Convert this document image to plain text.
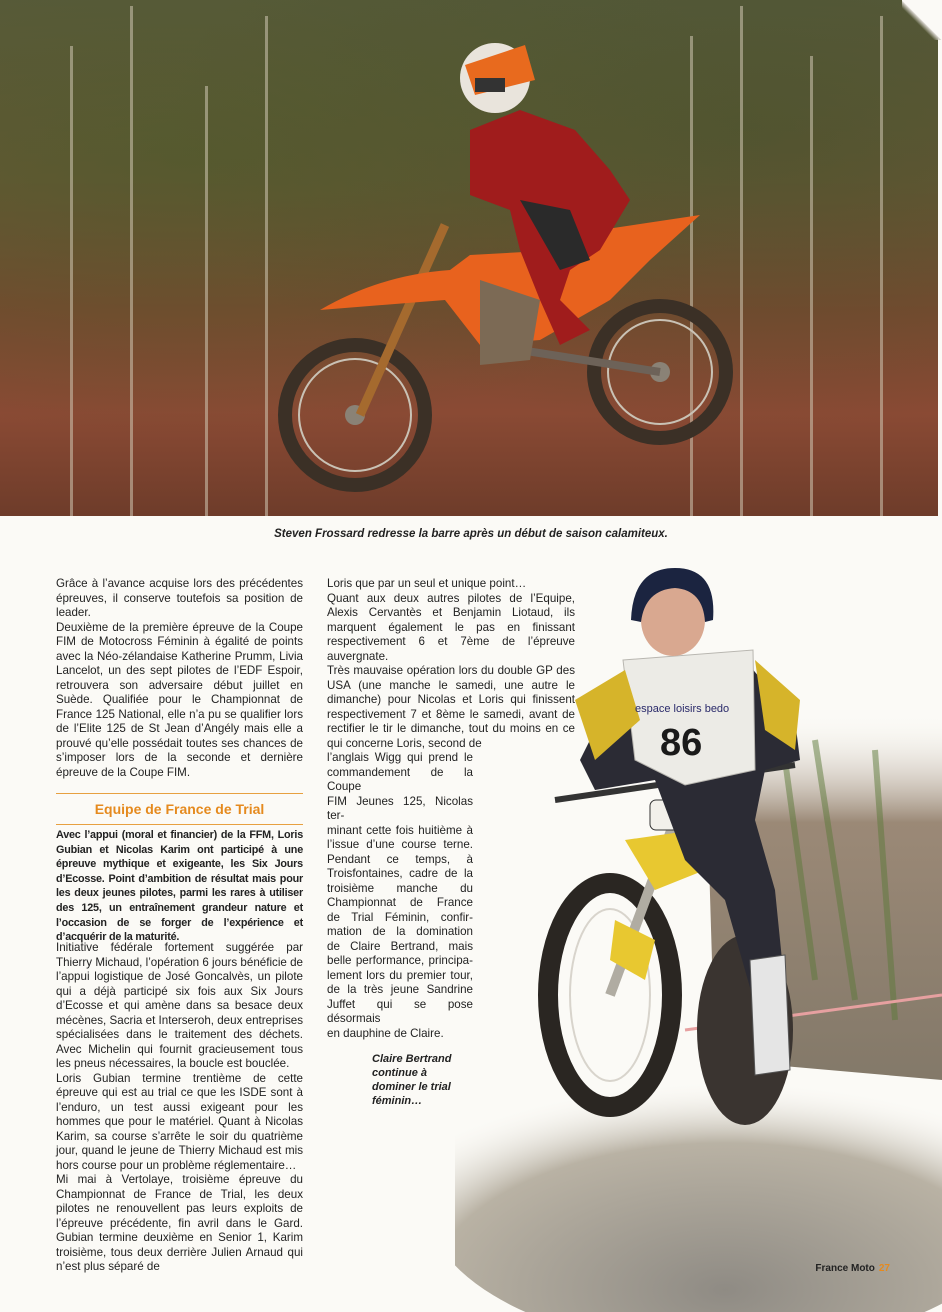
Steven Frossard redresse la barre après un début de saison calamiteux.

Grâce à l’avance acquise lors des précédentes épreuves, il conserve toutefois sa position de leader.

Deuxième de la première épreuve de la Coupe FIM de Motocross Féminin à égalité de points avec la Néo-zélandaise Katherine Prumm, Livia Lancelot, un des sept pilotes de l’EDF Espoir, retrouvera son adversaire début juillet en Suède. Qualifiée pour le Championnat de France 125 National, elle n’a pu se qualifier lors de l’Elite 125 de St Jean d’Angély mais elle a prouvé qu’elle possédait toutes ses chances de s’imposer lors de la seconde et dernière épreuve de la Coupe FIM.

Equipe de France de Trial
Avec l’appui (moral et financier) de la FFM, Loris Gubian et Nicolas Karim ont participé à une épreuve mythique et exigeante, les Six Jours d’Ecosse. Point d’ambition de résultat mais pour les deux jeunes pilotes, parmi les rares à utiliser des 125, un entraînement grandeur nature et l’occasion de se forger de l’expérience et d’acquérir de la maturité.

Initiative fédérale fortement suggérée par Thierry Michaud, l’opération 6 jours bénéficie de l’appui logistique de José Goncalvès, un pilote qui a déjà participé six fois aux Six Jours d’Ecosse et qui amène dans sa besace deux mécènes, Sacria et Interseroh, deux entreprises spécialisées dans le traitement des déchets. Avec Michelin qui fournit gracieusement tous les pneus nécessaires, la boucle est bouclée.

Loris Gubian termine trentième de cette épreuve qui est au trial ce que les ISDE sont à l’enduro, un test aussi exigeant pour les hommes que pour le matériel. Quant à Nicolas Karim, sa course s’arrête le soir du quatrième jour, quand le jeune de Thierry Michaud est mis hors course pour un problème réglementaire…

Mi mai à Vertolaye, troisième épreuve du Championnat de France de Trial, les deux pilotes ne renouvellent pas leurs exploits de l’épreuve précédente, fin avril dans le Gard. Gubian termine deuxième en Senior 1, Karim troisième, tous deux derrière Julien Arnaud qui n’est plus séparé de

Loris que par un seul et unique point…

Quant aux deux autres pilotes de l’Equipe, Alexis Cervantès et Benjamin Liotaud, ils marquent également le pas en finissant respectivement 6 et 7ème de l’épreuve auvergnate.

Très mauvaise opération lors du double GP des USA (une manche le samedi, une autre le dimanche) pour Nicolas et Loris qui finissent respectivement 7 et 8ème le samedi, avant de rectifier le tir le dimanche, tout du moins en ce qui concerne Loris, second de
l’anglais Wigg qui prend le
commandement de la Coupe
FIM Jeunes 125, Nicolas ter-
minant cette fois huitième à
l’issue d’une course terne.
Pendant ce temps, à
Troisfontaines, cadre de la
troisième manche du
Championnat de France
de Trial Féminin, confir-
mation de la domination
de Claire Bertrand, mais
belle performance, principa-
lement lors du premier tour,
de la très jeune Sandrine
Juffet qui se pose désormais
en dauphine de Claire.

86
espace loisirs bedo
Claire Bertrand continue à dominer le trial féminin…
France Moto 27
